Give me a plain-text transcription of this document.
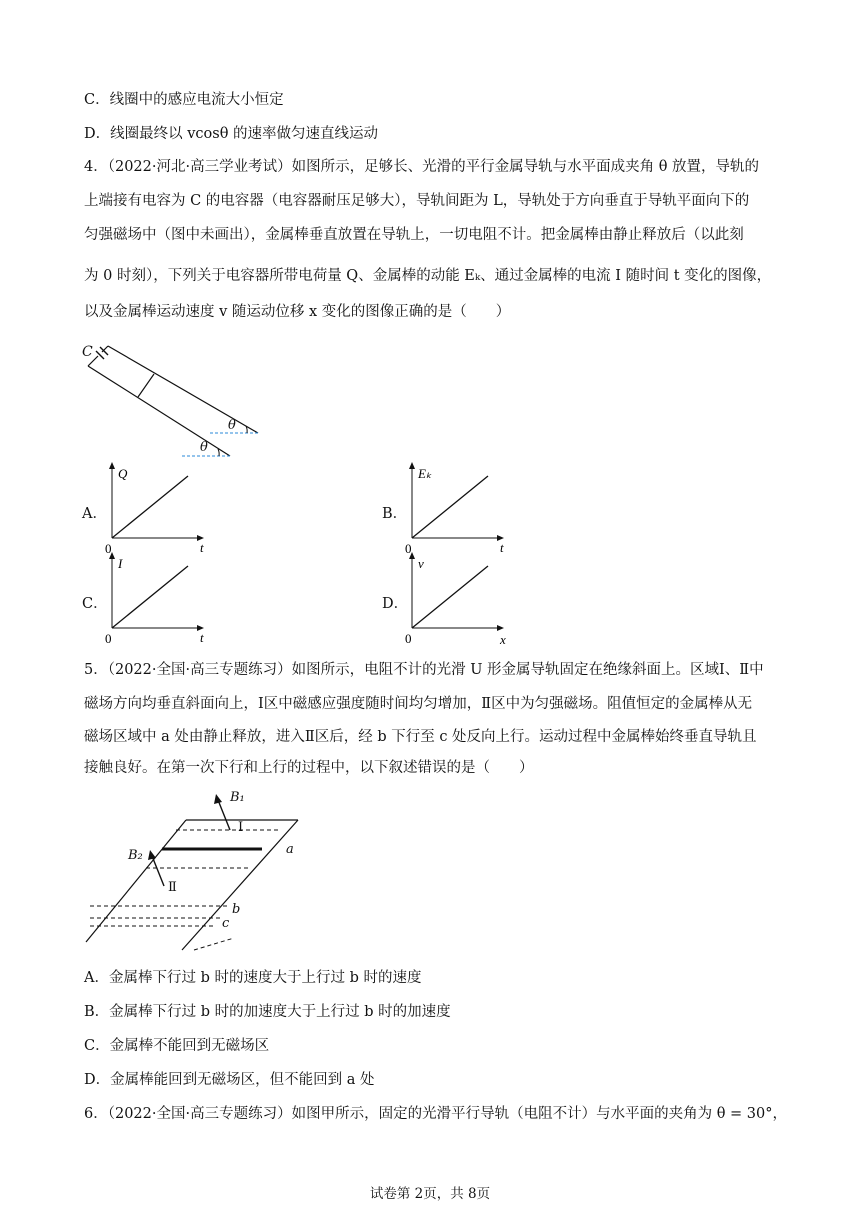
C．线圈中的感应电流大小恒定
D．线圈最终以 vcosθ 的速率做匀速直线运动
4．（2022·河北·高三学业考试）如图所示，足够长、光滑的平行金属导轨与水平面成夹角 θ 放置，导轨的
上端接有电容为 C 的电容器（电容器耐压足够大），导轨间距为 L，导轨处于方向垂直于导轨平面向下的
匀强磁场中（图中未画出），金属棒垂直放置在导轨上，一切电阻不计。把金属棒由静止释放后（以此刻
为 0 时刻），下列关于电容器所带电荷量 Q、金属棒的动能 Eₖ、通过金属棒的电流 I 随时间 t 变化的图像，
以及金属棒运动速度 v 随运动位移 x 变化的图像正确的是（　　）
C
θ
θ
A．	B．
C．	D．
Q
t
0
Eₖ
t
0
I
t
0
v
x
0
5．（2022·全国·高三专题练习）如图所示，电阻不计的光滑 U 形金属导轨固定在绝缘斜面上。区域Ⅰ、Ⅱ中
磁场方向均垂直斜面向上，Ⅰ区中磁感应强度随时间均匀增加，Ⅱ区中为匀强磁场。阻值恒定的金属棒从无
磁场区域中 a 处由静止释放，进入Ⅱ区后，经 b 下行至 c 处反向上行。运动过程中金属棒始终垂直导轨且
接触良好。在第一次下行和上行的过程中，以下叙述错误的是（　　）
B₁
B₂
Ⅰ
Ⅱ
a
b
c
A．金属棒下行过 b 时的速度大于上行过 b 时的速度
B．金属棒下行过 b 时的加速度大于上行过 b 时的加速度
C．金属棒不能回到无磁场区
D．金属棒能回到无磁场区，但不能回到 a 处
6．（2022·全国·高三专题练习）如图甲所示，固定的光滑平行导轨（电阻不计）与水平面的夹角为 θ = 30°，
试卷第 2页，共 8页
